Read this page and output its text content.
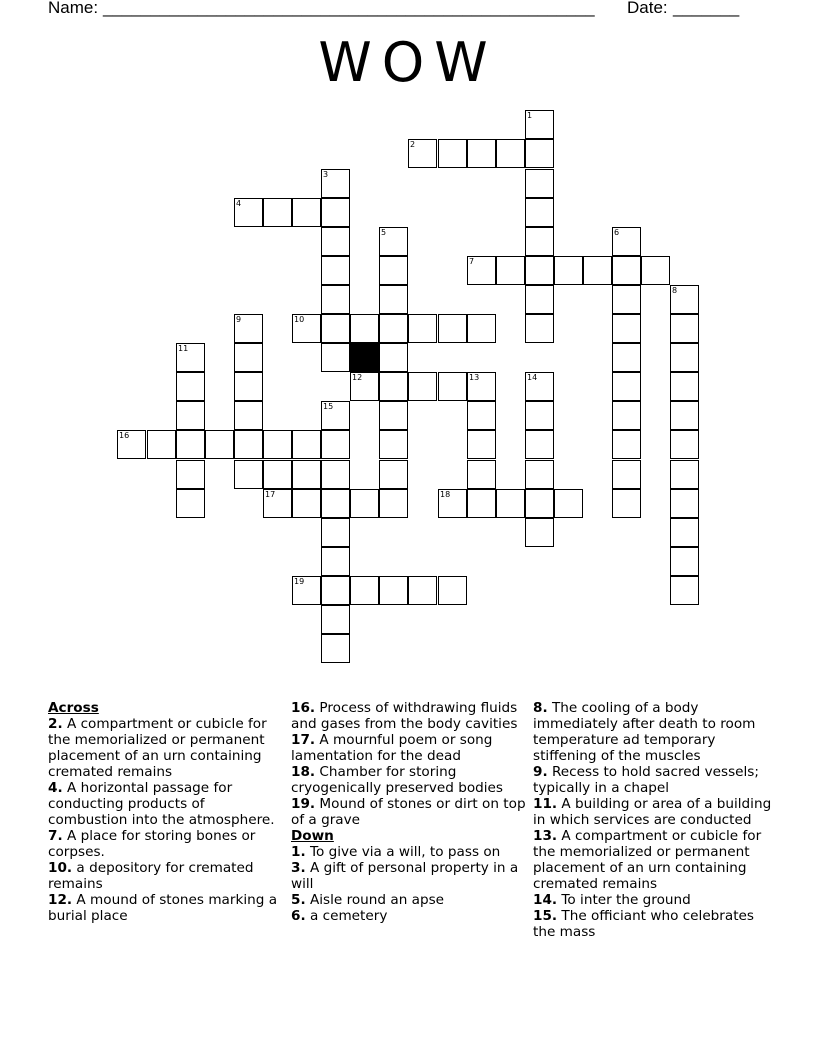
Name: ____________________________________________________ Date: _______
WOW
1
2
3
4
5	6
7
8
9	10
11
12	13	14
15
16
17	18
19
Across
2. A compartment or cubicle for the memorialized or permanent placement of an urn containing cremated remains
4. A horizontal passage for conducting products of combustion into the atmosphere.
7. A place for storing bones or corpses.
10. a depository for cremated remains
12. A mound of stones marking a burial place
16. Process of withdrawing fluids and gases from the body cavities
17. A mournful poem or song lamentation for the dead
18. Chamber for storing cryogenically preserved bodies
19. Mound of stones or dirt on top of a grave
Down
1. To give via a will, to pass on
3. A gift of personal property in a will
5. Aisle round an apse
6. a cemetery
8. The cooling of a body immediately after death to room temperature ad temporary stiffening of the muscles
9. Recess to hold sacred vessels; typically in a chapel
11. A building or area of a building in which services are conducted
13. A compartment or cubicle for the memorialized or permanent placement of an urn containing cremated remains
14. To inter the ground
15. The officiant who celebrates the mass
